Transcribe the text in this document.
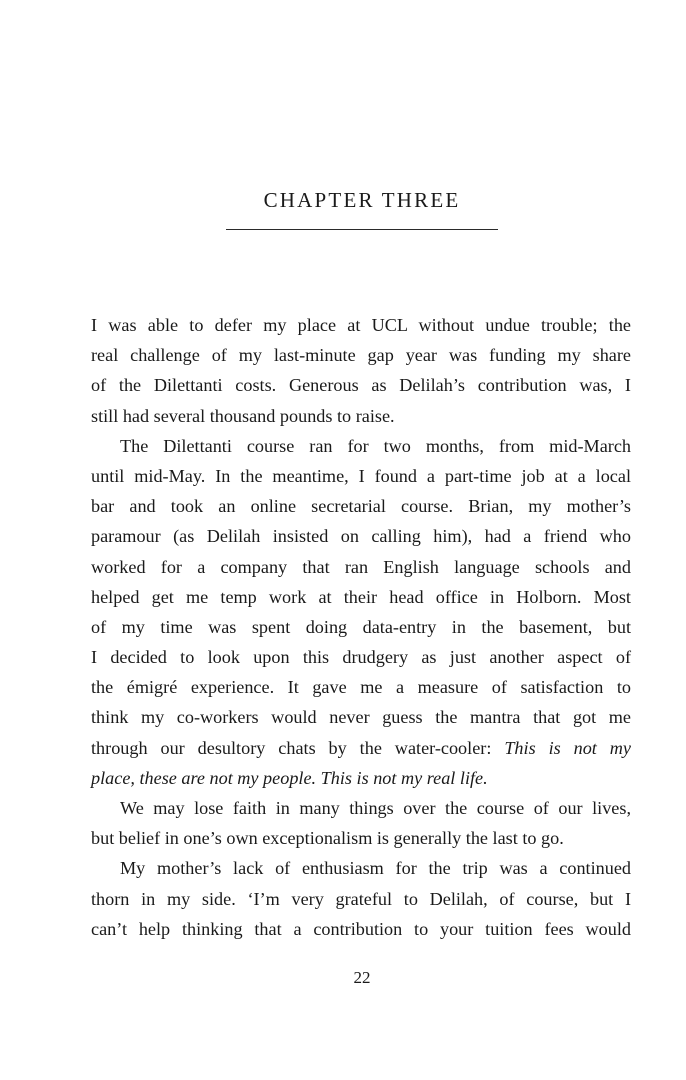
CHAPTER THREE
I was able to defer my place at UCL without undue trouble; the
real challenge of my last-minute gap year was funding my share
of the Dilettanti costs. Generous as Delilah’s contribution was, I
still had several thousand pounds to raise.
The Dilettanti course ran for two months, from mid-March
until mid-May. In the meantime, I found a part-time job at a local
bar and took an online secretarial course. Brian, my mother’s
paramour (as Delilah insisted on calling him), had a friend who
worked for a company that ran English language schools and
helped get me temp work at their head office in Holborn. Most
of my time was spent doing data-entry in the basement, but
I decided to look upon this drudgery as just another aspect of
the émigré experience. It gave me a measure of satisfaction to
think my co-workers would never guess the mantra that got me
through our desultory chats by the water-cooler: This is not my
place, these are not my people. This is not my real life.
We may lose faith in many things over the course of our lives,
but belief in one’s own exceptionalism is generally the last to go.
My mother’s lack of enthusiasm for the trip was a continued
thorn in my side. ‘I’m very grateful to Delilah, of course, but I
can’t help thinking that a contribution to your tuition fees would
22
